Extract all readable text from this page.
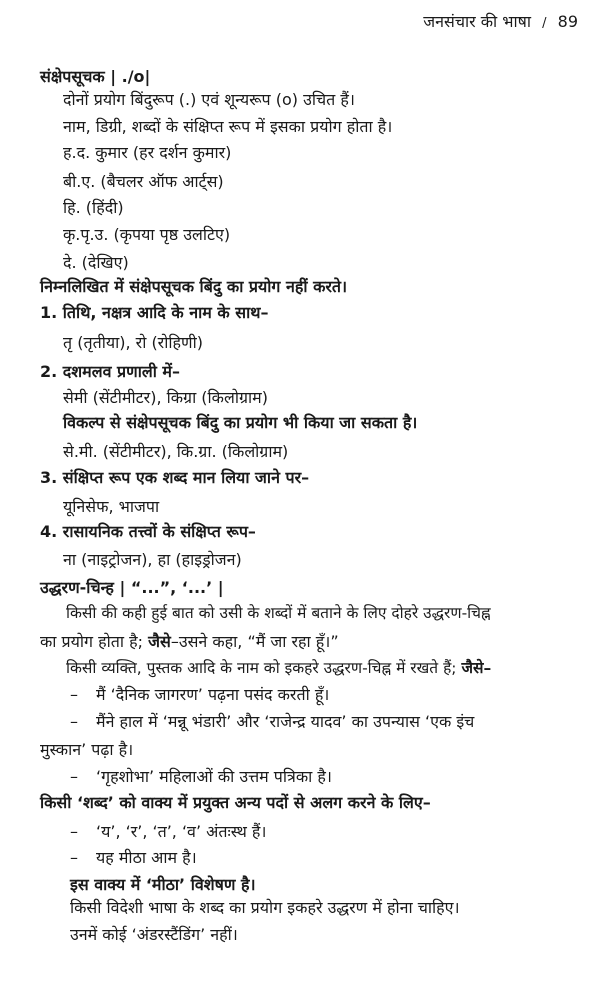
जनसंचार की भाषा / 89
संक्षेपसूचक | ./o|
दोनों प्रयोग बिंदुरूप (.) एवं शून्यरूप (o) उचित हैं।
नाम, डिग्री, शब्दों के संक्षिप्त रूप में इसका प्रयोग होता है।
ह.द. कुमार (हर दर्शन कुमार)
बी.ए. (बैचलर ऑफ आर्ट्स)
हि. (हिंदी)
कृ.पृ.उ. (कृपया पृष्ठ उलटिए)
दे. (देखिए)
निम्नलिखित में संक्षेपसूचक बिंदु का प्रयोग नहीं करते।
1. तिथि, नक्षत्र आदि के नाम के साथ–
तृ (तृतीया), रो (रोहिणी)
2. दशमलव प्रणाली में–
सेमी (सेंटीमीटर), किग्रा (किलोग्राम)
विकल्प से संक्षेपसूचक बिंदु का प्रयोग भी किया जा सकता है।
से.मी. (सेंटीमीटर), कि.ग्रा. (किलोग्राम)
3. संक्षिप्त रूप एक शब्द मान लिया जाने पर–
यूनिसेफ, भाजपा
4. रासायनिक तत्त्वों के संक्षिप्त रूप–
ना (नाइट्रोजन), हा (हाइड्रोजन)
उद्धरण-चिन्ह | “...”, ‘...’ |
किसी की कही हुई बात को उसी के शब्दों में बताने के लिए दोहरे उद्धरण-चिह्न
का प्रयोग होता है; जैसे–उसने कहा, “मैं जा रहा हूँ।”
किसी व्यक्ति, पुस्तक आदि के नाम को इकहरे उद्धरण-चिह्न में रखते हैं; जैसे–
– मैं ‘दैनिक जागरण’ पढ़ना पसंद करती हूँ।
– मैंने हाल में ‘मन्नू भंडारी’ और ‘राजेन्द्र यादव’ का उपन्यास ‘एक इंच
मुस्कान’ पढ़ा है।
– ‘गृहशोभा’ महिलाओं की उत्तम पत्रिका है।
किसी ‘शब्द’ को वाक्य में प्रयुक्त अन्य पदों से अलग करने के लिए–
– ‘य’, ‘र’, ‘त’, ‘व’ अंतःस्थ हैं।
– यह मीठा आम है।
इस वाक्य में ‘मीठा’ विशेषण है।
किसी विदेशी भाषा के शब्द का प्रयोग इकहरे उद्धरण में होना चाहिए।
उनमें कोई ‘अंडरस्टैंडिंग’ नहीं।
